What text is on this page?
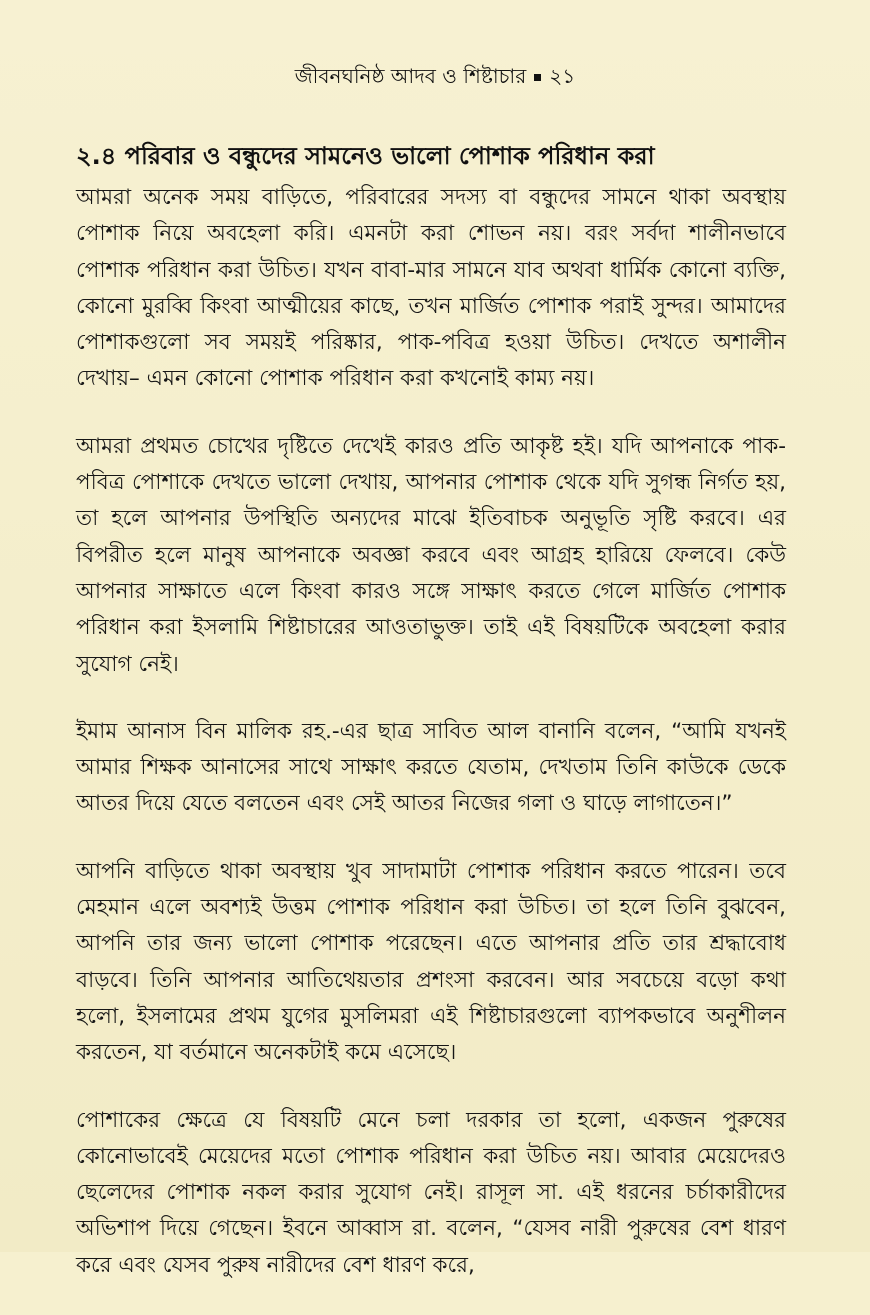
জীবনঘনিষ্ঠ আদব ও শিষ্টাচার ২১
২.৪ পরিবার ও বন্ধুদের সামনেও ভালো পোশাক পরিধান করা

আমরা অনেক সময় বাড়িতে, পরিবারের সদস্য বা বন্ধুদের সামনে থাকা অবস্থায় পোশাক নিয়ে অবহেলা করি। এমনটা করা শোভন নয়। বরং সর্বদা শালীনভাবে পোশাক পরিধান করা উচিত। যখন বাবা-মার সামনে যাব অথবা ধার্মিক কোনো ব্যক্তি, কোনো মুরব্বি কিংবা আত্মীয়ের কাছে, তখন মার্জিত পোশাক পরাই সুন্দর। আমাদের পোশাকগুলো সব সময়ই পরিষ্কার, পাক-পবিত্র হওয়া উচিত। দেখতে অশালীন দেখায়– এমন কোনো পোশাক পরিধান করা কখনোই কাম্য নয়।

আমরা প্রথমত চোখের দৃষ্টিতে দেখেই কারও প্রতি আকৃষ্ট হই। যদি আপনাকে পাক-পবিত্র পোশাকে দেখতে ভালো দেখায়, আপনার পোশাক থেকে যদি সুগন্ধ নির্গত হয়, তা হলে আপনার উপস্থিতি অন্যদের মাঝে ইতিবাচক অনুভূতি সৃষ্টি করবে। এর বিপরীত হলে মানুষ আপনাকে অবজ্ঞা করবে এবং আগ্রহ হারিয়ে ফেলবে। কেউ আপনার সাক্ষাতে এলে কিংবা কারও সঙ্গে সাক্ষাৎ করতে গেলে মার্জিত পোশাক পরিধান করা ইসলামি শিষ্টাচারের আওতাভুক্ত। তাই এই বিষয়টিকে অবহেলা করার সুযোগ নেই।

ইমাম আনাস বিন মালিক রহ.-এর ছাত্র সাবিত আল বানানি বলেন, “আমি যখনই আমার শিক্ষক আনাসের সাথে সাক্ষাৎ করতে যেতাম, দেখতাম তিনি কাউকে ডেকে আতর দিয়ে যেতে বলতেন এবং সেই আতর নিজের গলা ও ঘাড়ে লাগাতেন।”

আপনি বাড়িতে থাকা অবস্থায় খুব সাদামাটা পোশাক পরিধান করতে পারেন। তবে মেহমান এলে অবশ্যই উত্তম পোশাক পরিধান করা উচিত। তা হলে তিনি বুঝবেন, আপনি তার জন্য ভালো পোশাক পরেছেন। এতে আপনার প্রতি তার শ্রদ্ধাবোধ বাড়বে। তিনি আপনার আতিথেয়তার প্রশংসা করবেন। আর সবচেয়ে বড়ো কথা হলো, ইসলামের প্রথম যুগের মুসলিমরা এই শিষ্টাচারগুলো ব্যাপকভাবে অনুশীলন করতেন, যা বর্তমানে অনেকটাই কমে এসেছে।

পোশাকের ক্ষেত্রে যে বিষয়টি মেনে চলা দরকার তা হলো, একজন পুরুষের কোনোভাবেই মেয়েদের মতো পোশাক পরিধান করা উচিত নয়। আবার মেয়েদেরও ছেলেদের পোশাক নকল করার সুযোগ নেই। রাসূল সা. এই ধরনের চর্চাকারীদের অভিশাপ দিয়ে গেছেন। ইবনে আব্বাস রা. বলেন, “যেসব নারী পুরুষের বেশ ধারণ করে এবং যেসব পুরুষ নারীদের বেশ ধারণ করে,
